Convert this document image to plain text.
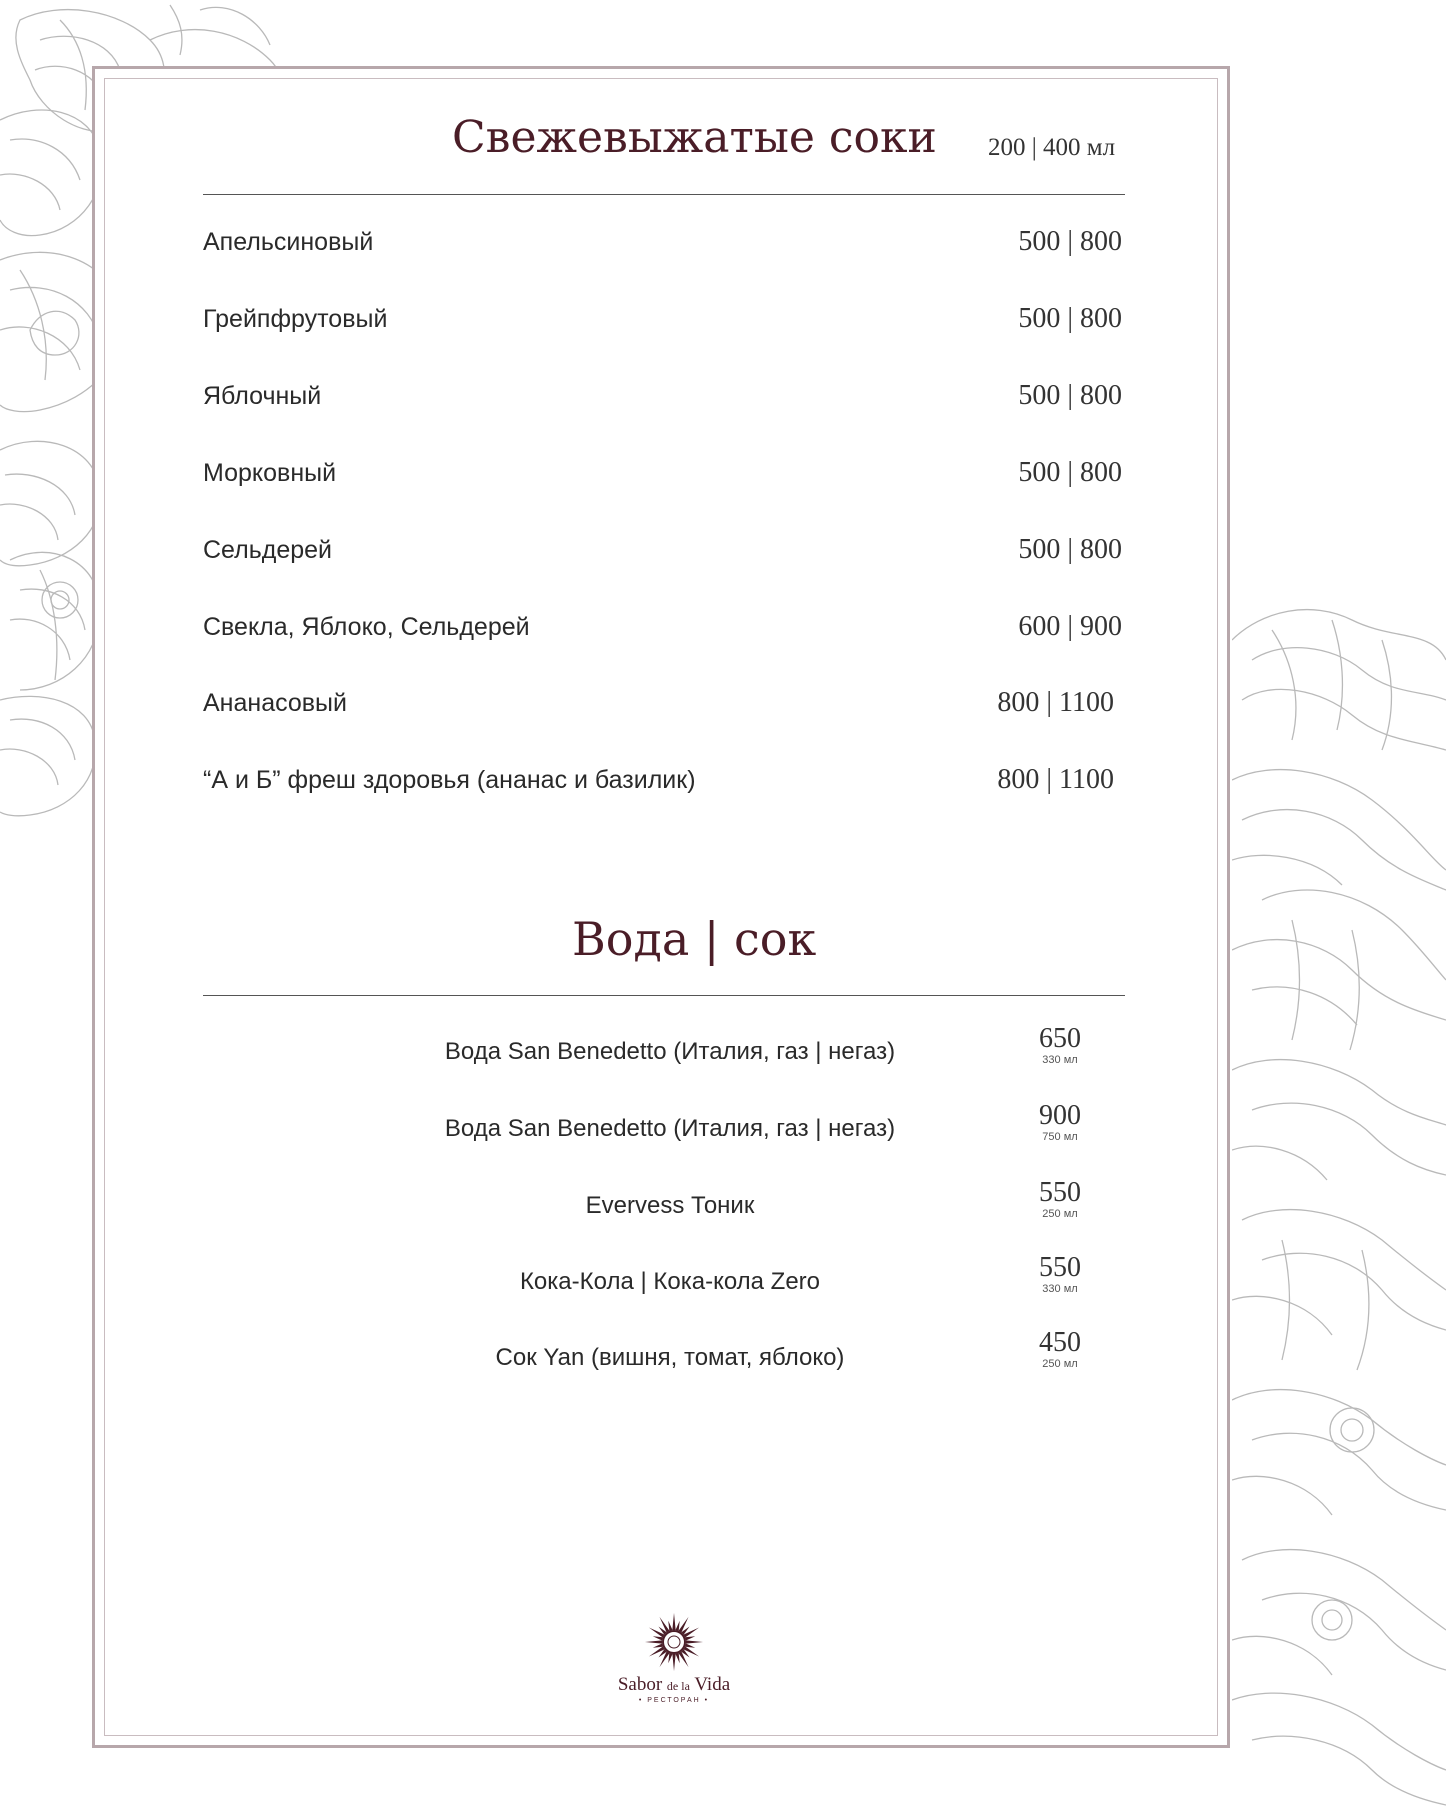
Свежевыжатые соки 200 | 400 мл
Апельсиновый	500 | 800
Грейпфрутовый	500 | 800
Яблочный	500 | 800
Морковный	500 | 800
Сельдерей	500 | 800
Свекла, Яблоко, Сельдерей	600 | 900
Ананасовый	800 | 1100
“А и Б” фреш здоровья (ананас и базилик)	800 | 1100
Вода | сок
Вода San Benedetto (Италия, газ | негаз)	650
330 мл
Вода San Benedetto (Италия, газ | негаз)	900
750 мл
Evervess Тоник	550
250 мл
Кока-Кола | Кока-кола Zero	550
330 мл
Сок Yan (вишня, томат, яблоко)	450
250 мл
Sabor de la Vida
• РЕСТОРАН •
